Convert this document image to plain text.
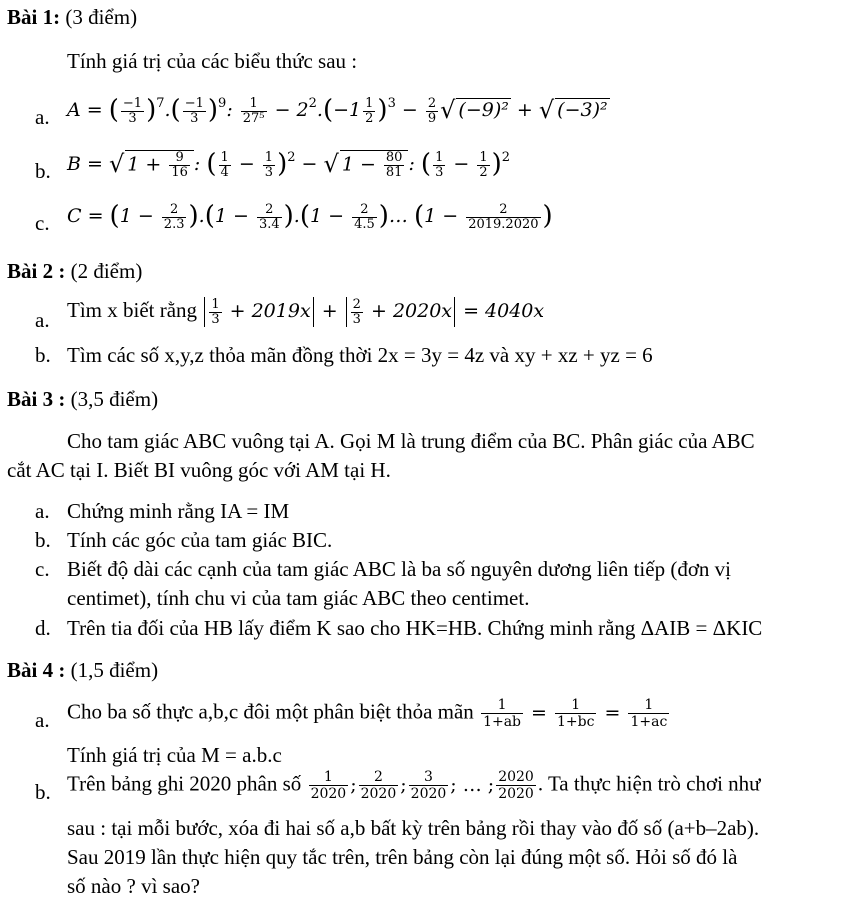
Bài 1: (3 điểm)
Tính giá trị của các biểu thức sau :
a. A = ( $\frac{-1}{3} )^7.( \frac{-1}{3} )^9$: $\frac{1}{\text{27⁵}} - 2^2.(-1 \frac{1}{2} )^3 - \frac{2}{9}$ √ (−9)² + √ (−3)²
b. B = √ $1 + \frac{9}{16}$ : ( $\frac{1}{4} - \frac{1}{3} )^2$ − √ $1 - \frac{80}{81}$ : ( $\frac{1}{3} - \frac{1}{2} )^2$
c. $C = (1 - \frac{2}{2.3} ).(1 - \frac{2}{3.4} ).(1 - \frac{2}{4.5}$ )… ($1 - \frac{2}{2019.2020}$ )
Bài 2 : (2 điểm)
a. Tìm x biết rằng $\frac{1}{3} + 2019x + \frac{2}{3} + 2020x = 4040x$
b. Tìm các số x,y,z thỏa mãn đồng thời 2x = 3y = 4z và xy + xz + yz = 6
Bài 3 : (3,5 điểm)
Cho tam giác ABC vuông tại A. Gọi M là trung điểm của BC. Phân giác của ABC
cắt AC tại I. Biết BI vuông góc với AM tại H.
a. Chứng minh rằng IA = IM
b. Tính các góc của tam giác BIC.
c. Biết độ dài các cạnh của tam giác ABC là ba số nguyên dương liên tiếp (đơn vị
centimet), tính chu vi của tam giác ABC theo centimet.
d. Trên tia đối của HB lấy điểm K sao cho HK=HB. Chứng minh rằng ΔAIB = ΔKIC
Bài 4 : (1,5 điểm)
a. Cho ba số thực a,b,c đôi một phân biệt thỏa mãn $\frac{1}{1+ab} = \frac{1}{1+bc} = \frac{1}{1+ac}$
Tính giá trị của M = a.b.c
b. Trên bảng ghi 2020 phân số $\frac{1}{2020}$ ; $\frac{2}{2020}$ ; $\frac{3}{2020}$ ; … ; $\frac{2020}{2020}$ . Ta thực hiện trò chơi như
sau : tại mỗi bước, xóa đi hai số a,b bất kỳ trên bảng rồi thay vào đố số (a+b–2ab).
Sau 2019 lần thực hiện quy tắc trên, trên bảng còn lại đúng một số. Hỏi số đó là
số nào ? vì sao?
